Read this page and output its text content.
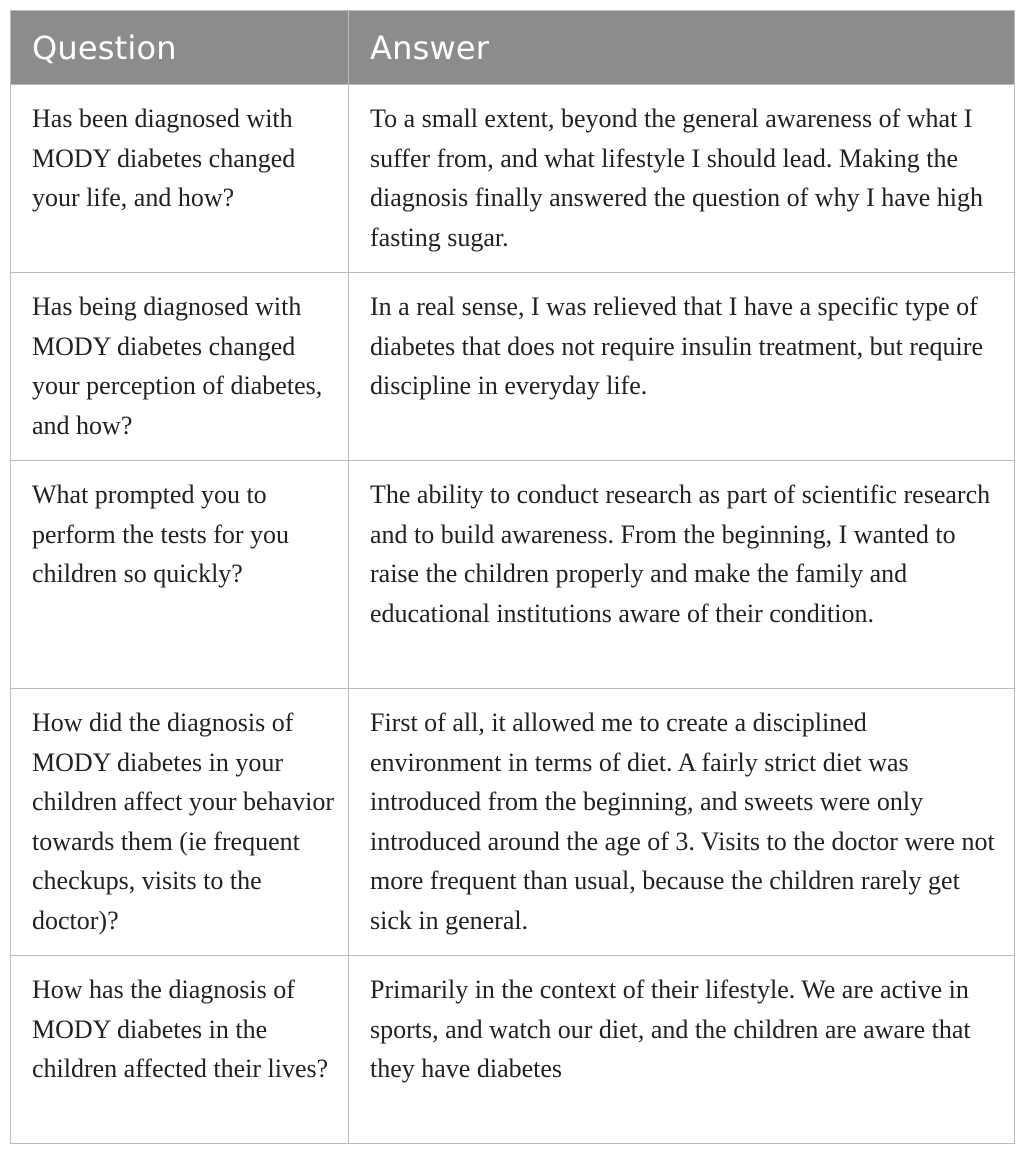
Question	Answer
Has been diagnosed with MODY diabetes changed your life, and how?	To a small extent, beyond the general awareness of what I suffer from, and what lifestyle I should lead. Making the diagnosis finally answered the question of why I have high fasting sugar.
Has being diagnosed with MODY diabetes changed your perception of diabetes, and how?	In a real sense, I was relieved that I have a specific type of diabetes that does not require insulin treatment, but require discipline in everyday life.
What prompted you to perform the tests for you children so quickly?	The ability to conduct research as part of scientific research and to build awareness. From the beginning, I wanted to raise the children properly and make the family and educational institutions aware of their condition.
How did the diagnosis of MODY diabetes in your children affect your behavior towards them (ie frequent checkups, visits to the doctor)?	First of all, it allowed me to create a disciplined environment in terms of diet. A fairly strict diet was introduced from the beginning, and sweets were only introduced around the age of 3. Visits to the doctor were not more frequent than usual, because the children rarely get sick in general.
How has the diagnosis of MODY diabetes in the children affected their lives?	Primarily in the context of their lifestyle. We are active in sports, and watch our diet, and the children are aware that they have diabetes
